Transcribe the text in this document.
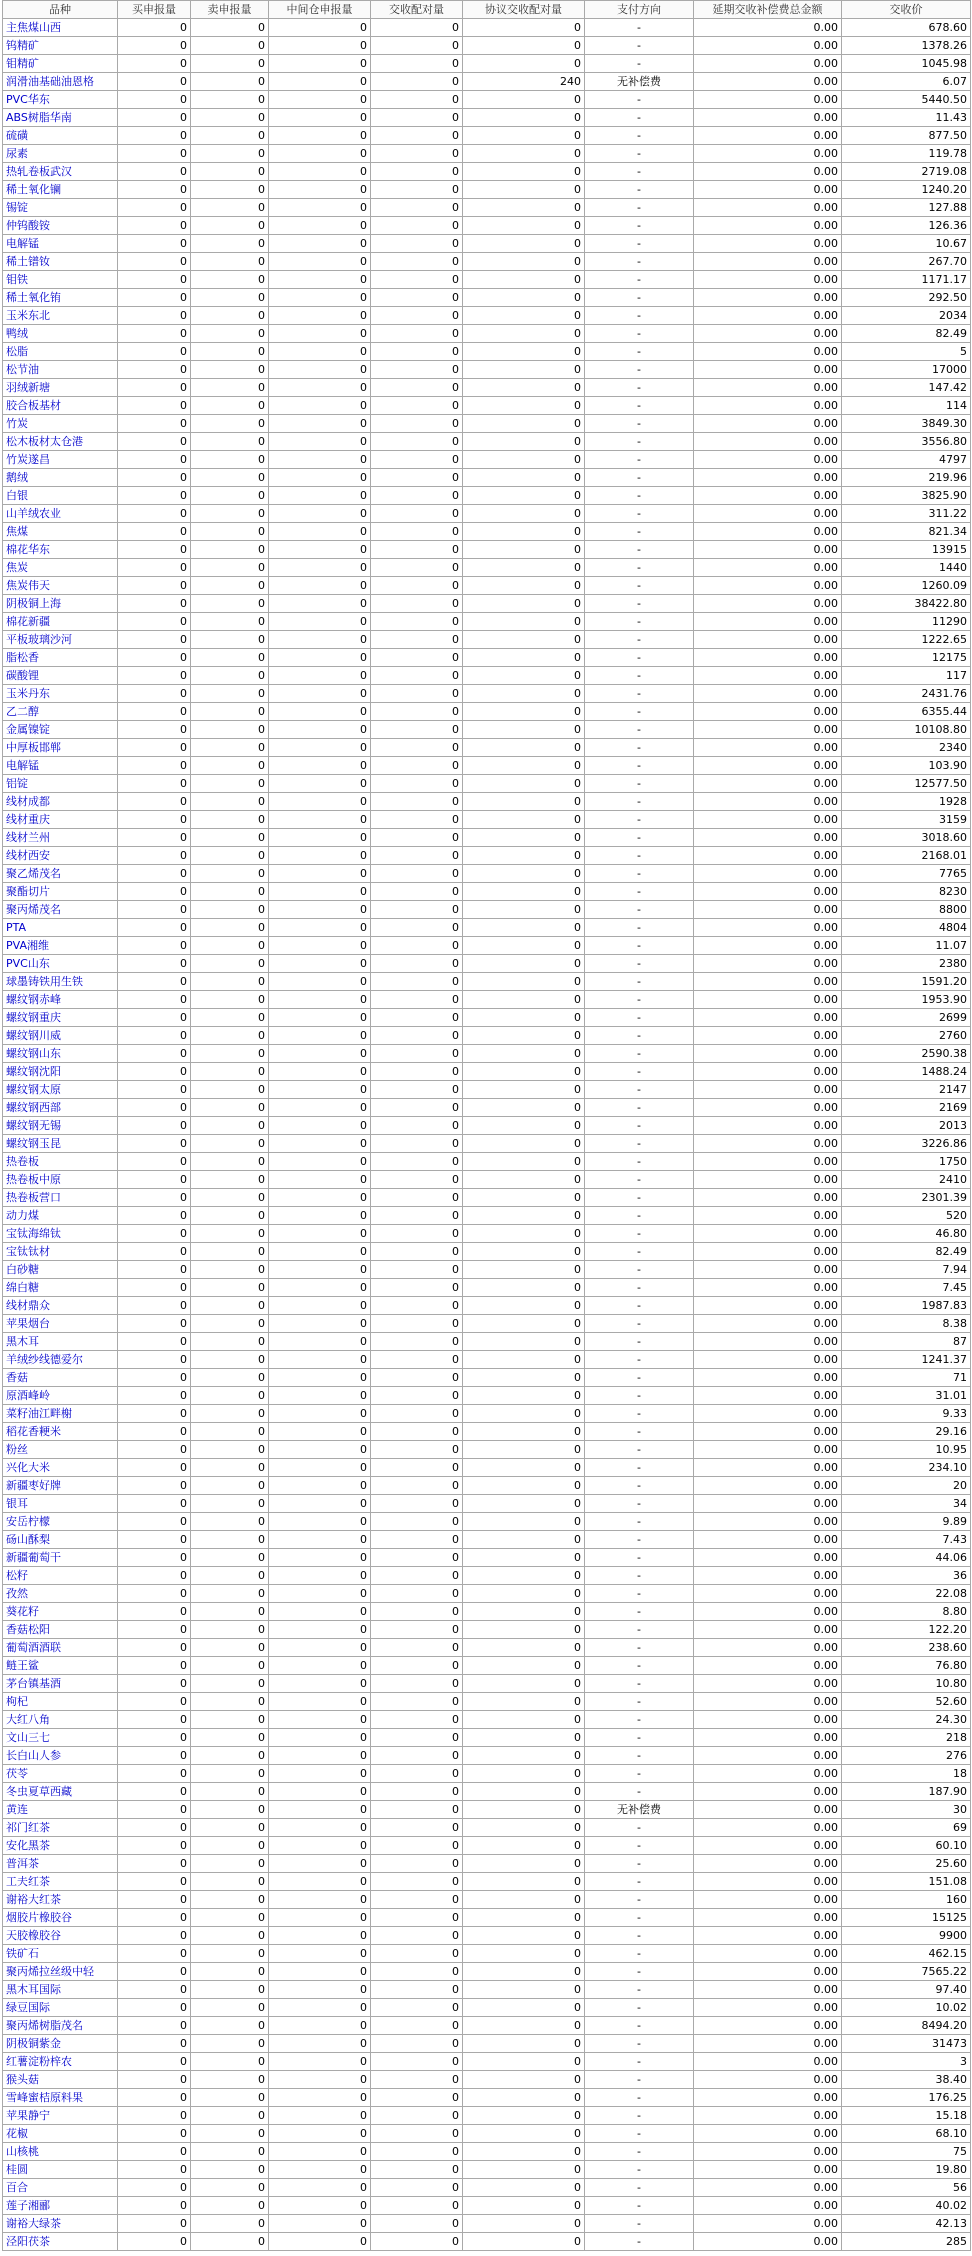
品种	买申报量	卖申报量	中间仓申报量	交收配对量	协议交收配对量	支付方向	延期交收补偿费总金额	交收价
主焦煤山西	0	0	0	0	0	-	0.00	678.60
钨精矿	0	0	0	0	0	-	0.00	1378.26
钼精矿	0	0	0	0	0	-	0.00	1045.98
润滑油基础油恩格	0	0	0	0	240	无补偿费	0.00	6.07
PVC华东	0	0	0	0	0	-	0.00	5440.50
ABS树脂华南	0	0	0	0	0	-	0.00	11.43
硫磺	0	0	0	0	0	-	0.00	877.50
尿素	0	0	0	0	0	-	0.00	119.78
热轧卷板武汉	0	0	0	0	0	-	0.00	2719.08
稀土氧化镧	0	0	0	0	0	-	0.00	1240.20
锡锭	0	0	0	0	0	-	0.00	127.88
仲钨酸铵	0	0	0	0	0	-	0.00	126.36
电解锰	0	0	0	0	0	-	0.00	10.67
稀土镨钕	0	0	0	0	0	-	0.00	267.70
钼铁	0	0	0	0	0	-	0.00	1171.17
稀土氧化铕	0	0	0	0	0	-	0.00	292.50
玉米东北	0	0	0	0	0	-	0.00	2034
鸭绒	0	0	0	0	0	-	0.00	82.49
松脂	0	0	0	0	0	-	0.00	5
松节油	0	0	0	0	0	-	0.00	17000
羽绒新塘	0	0	0	0	0	-	0.00	147.42
胶合板基材	0	0	0	0	0	-	0.00	114
竹炭	0	0	0	0	0	-	0.00	3849.30
松木板材太仓港	0	0	0	0	0	-	0.00	3556.80
竹炭遂昌	0	0	0	0	0	-	0.00	4797
鹅绒	0	0	0	0	0	-	0.00	219.96
白银	0	0	0	0	0	-	0.00	3825.90
山羊绒农业	0	0	0	0	0	-	0.00	311.22
焦煤	0	0	0	0	0	-	0.00	821.34
棉花华东	0	0	0	0	0	-	0.00	13915
焦炭	0	0	0	0	0	-	0.00	1440
焦炭伟天	0	0	0	0	0	-	0.00	1260.09
阴极铜上海	0	0	0	0	0	-	0.00	38422.80
棉花新疆	0	0	0	0	0	-	0.00	11290
平板玻璃沙河	0	0	0	0	0	-	0.00	1222.65
脂松香	0	0	0	0	0	-	0.00	12175
碳酸锂	0	0	0	0	0	-	0.00	117
玉米丹东	0	0	0	0	0	-	0.00	2431.76
乙二醇	0	0	0	0	0	-	0.00	6355.44
金属镍锭	0	0	0	0	0	-	0.00	10108.80
中厚板邯郸	0	0	0	0	0	-	0.00	2340
电解锰	0	0	0	0	0	-	0.00	103.90
铝锭	0	0	0	0	0	-	0.00	12577.50
线材成都	0	0	0	0	0	-	0.00	1928
线材重庆	0	0	0	0	0	-	0.00	3159
线材兰州	0	0	0	0	0	-	0.00	3018.60
线材西安	0	0	0	0	0	-	0.00	2168.01
聚乙烯茂名	0	0	0	0	0	-	0.00	7765
聚酯切片	0	0	0	0	0	-	0.00	8230
聚丙烯茂名	0	0	0	0	0	-	0.00	8800
PTA	0	0	0	0	0	-	0.00	4804
PVA湘维	0	0	0	0	0	-	0.00	11.07
PVC山东	0	0	0	0	0	-	0.00	2380
球墨铸铁用生铁	0	0	0	0	0	-	0.00	1591.20
螺纹钢赤峰	0	0	0	0	0	-	0.00	1953.90
螺纹钢重庆	0	0	0	0	0	-	0.00	2699
螺纹钢川威	0	0	0	0	0	-	0.00	2760
螺纹钢山东	0	0	0	0	0	-	0.00	2590.38
螺纹钢沈阳	0	0	0	0	0	-	0.00	1488.24
螺纹钢太原	0	0	0	0	0	-	0.00	2147
螺纹钢西部	0	0	0	0	0	-	0.00	2169
螺纹钢无锡	0	0	0	0	0	-	0.00	2013
螺纹钢玉昆	0	0	0	0	0	-	0.00	3226.86
热卷板	0	0	0	0	0	-	0.00	1750
热卷板中原	0	0	0	0	0	-	0.00	2410
热卷板营口	0	0	0	0	0	-	0.00	2301.39
动力煤	0	0	0	0	0	-	0.00	520
宝钛海绵钛	0	0	0	0	0	-	0.00	46.80
宝钛钛材	0	0	0	0	0	-	0.00	82.49
白砂糖	0	0	0	0	0	-	0.00	7.94
绵白糖	0	0	0	0	0	-	0.00	7.45
线材鼎众	0	0	0	0	0	-	0.00	1987.83
苹果烟台	0	0	0	0	0	-	0.00	8.38
黑木耳	0	0	0	0	0	-	0.00	87
羊绒纱线德爱尔	0	0	0	0	0	-	0.00	1241.37
香菇	0	0	0	0	0	-	0.00	71
原酒峰岭	0	0	0	0	0	-	0.00	31.01
菜籽油江畔榭	0	0	0	0	0	-	0.00	9.33
稻花香粳米	0	0	0	0	0	-	0.00	29.16
粉丝	0	0	0	0	0	-	0.00	10.95
兴化大米	0	0	0	0	0	-	0.00	234.10
新疆枣好牌	0	0	0	0	0	-	0.00	20
银耳	0	0	0	0	0	-	0.00	34
安岳柠檬	0	0	0	0	0	-	0.00	9.89
砀山酥梨	0	0	0	0	0	-	0.00	7.43
新疆葡萄干	0	0	0	0	0	-	0.00	44.06
松籽	0	0	0	0	0	-	0.00	36
孜然	0	0	0	0	0	-	0.00	22.08
葵花籽	0	0	0	0	0	-	0.00	8.80
香菇松阳	0	0	0	0	0	-	0.00	122.20
葡萄酒酒联	0	0	0	0	0	-	0.00	238.60
鲢王鲨	0	0	0	0	0	-	0.00	76.80
茅台镇基酒	0	0	0	0	0	-	0.00	10.80
枸杞	0	0	0	0	0	-	0.00	52.60
大红八角	0	0	0	0	0	-	0.00	24.30
文山三七	0	0	0	0	0	-	0.00	218
长白山人参	0	0	0	0	0	-	0.00	276
茯苓	0	0	0	0	0	-	0.00	18
冬虫夏草西藏	0	0	0	0	0	-	0.00	187.90
黄连	0	0	0	0	0	无补偿费	0.00	30
祁门红茶	0	0	0	0	0	-	0.00	69
安化黑茶	0	0	0	0	0	-	0.00	60.10
普洱茶	0	0	0	0	0	-	0.00	25.60
工夫红茶	0	0	0	0	0	-	0.00	151.08
谢裕大红茶	0	0	0	0	0	-	0.00	160
烟胶片橡胶谷	0	0	0	0	0	-	0.00	15125
天胶橡胶谷	0	0	0	0	0	-	0.00	9900
铁矿石	0	0	0	0	0	-	0.00	462.15
聚丙烯拉丝级中轻	0	0	0	0	0	-	0.00	7565.22
黑木耳国际	0	0	0	0	0	-	0.00	97.40
绿豆国际	0	0	0	0	0	-	0.00	10.02
聚丙烯树脂茂名	0	0	0	0	0	-	0.00	8494.20
阴极铜紫金	0	0	0	0	0	-	0.00	31473
红薯淀粉梓农	0	0	0	0	0	-	0.00	3
猴头菇	0	0	0	0	0	-	0.00	38.40
雪峰蜜桔原料果	0	0	0	0	0	-	0.00	176.25
苹果静宁	0	0	0	0	0	-	0.00	15.18
花椒	0	0	0	0	0	-	0.00	68.10
山核桃	0	0	0	0	0	-	0.00	75
桂圆	0	0	0	0	0	-	0.00	19.80
百合	0	0	0	0	0	-	0.00	56
莲子湘郦	0	0	0	0	0	-	0.00	40.02
谢裕大绿茶	0	0	0	0	0	-	0.00	42.13
泾阳茯茶	0	0	0	0	0	-	0.00	285
